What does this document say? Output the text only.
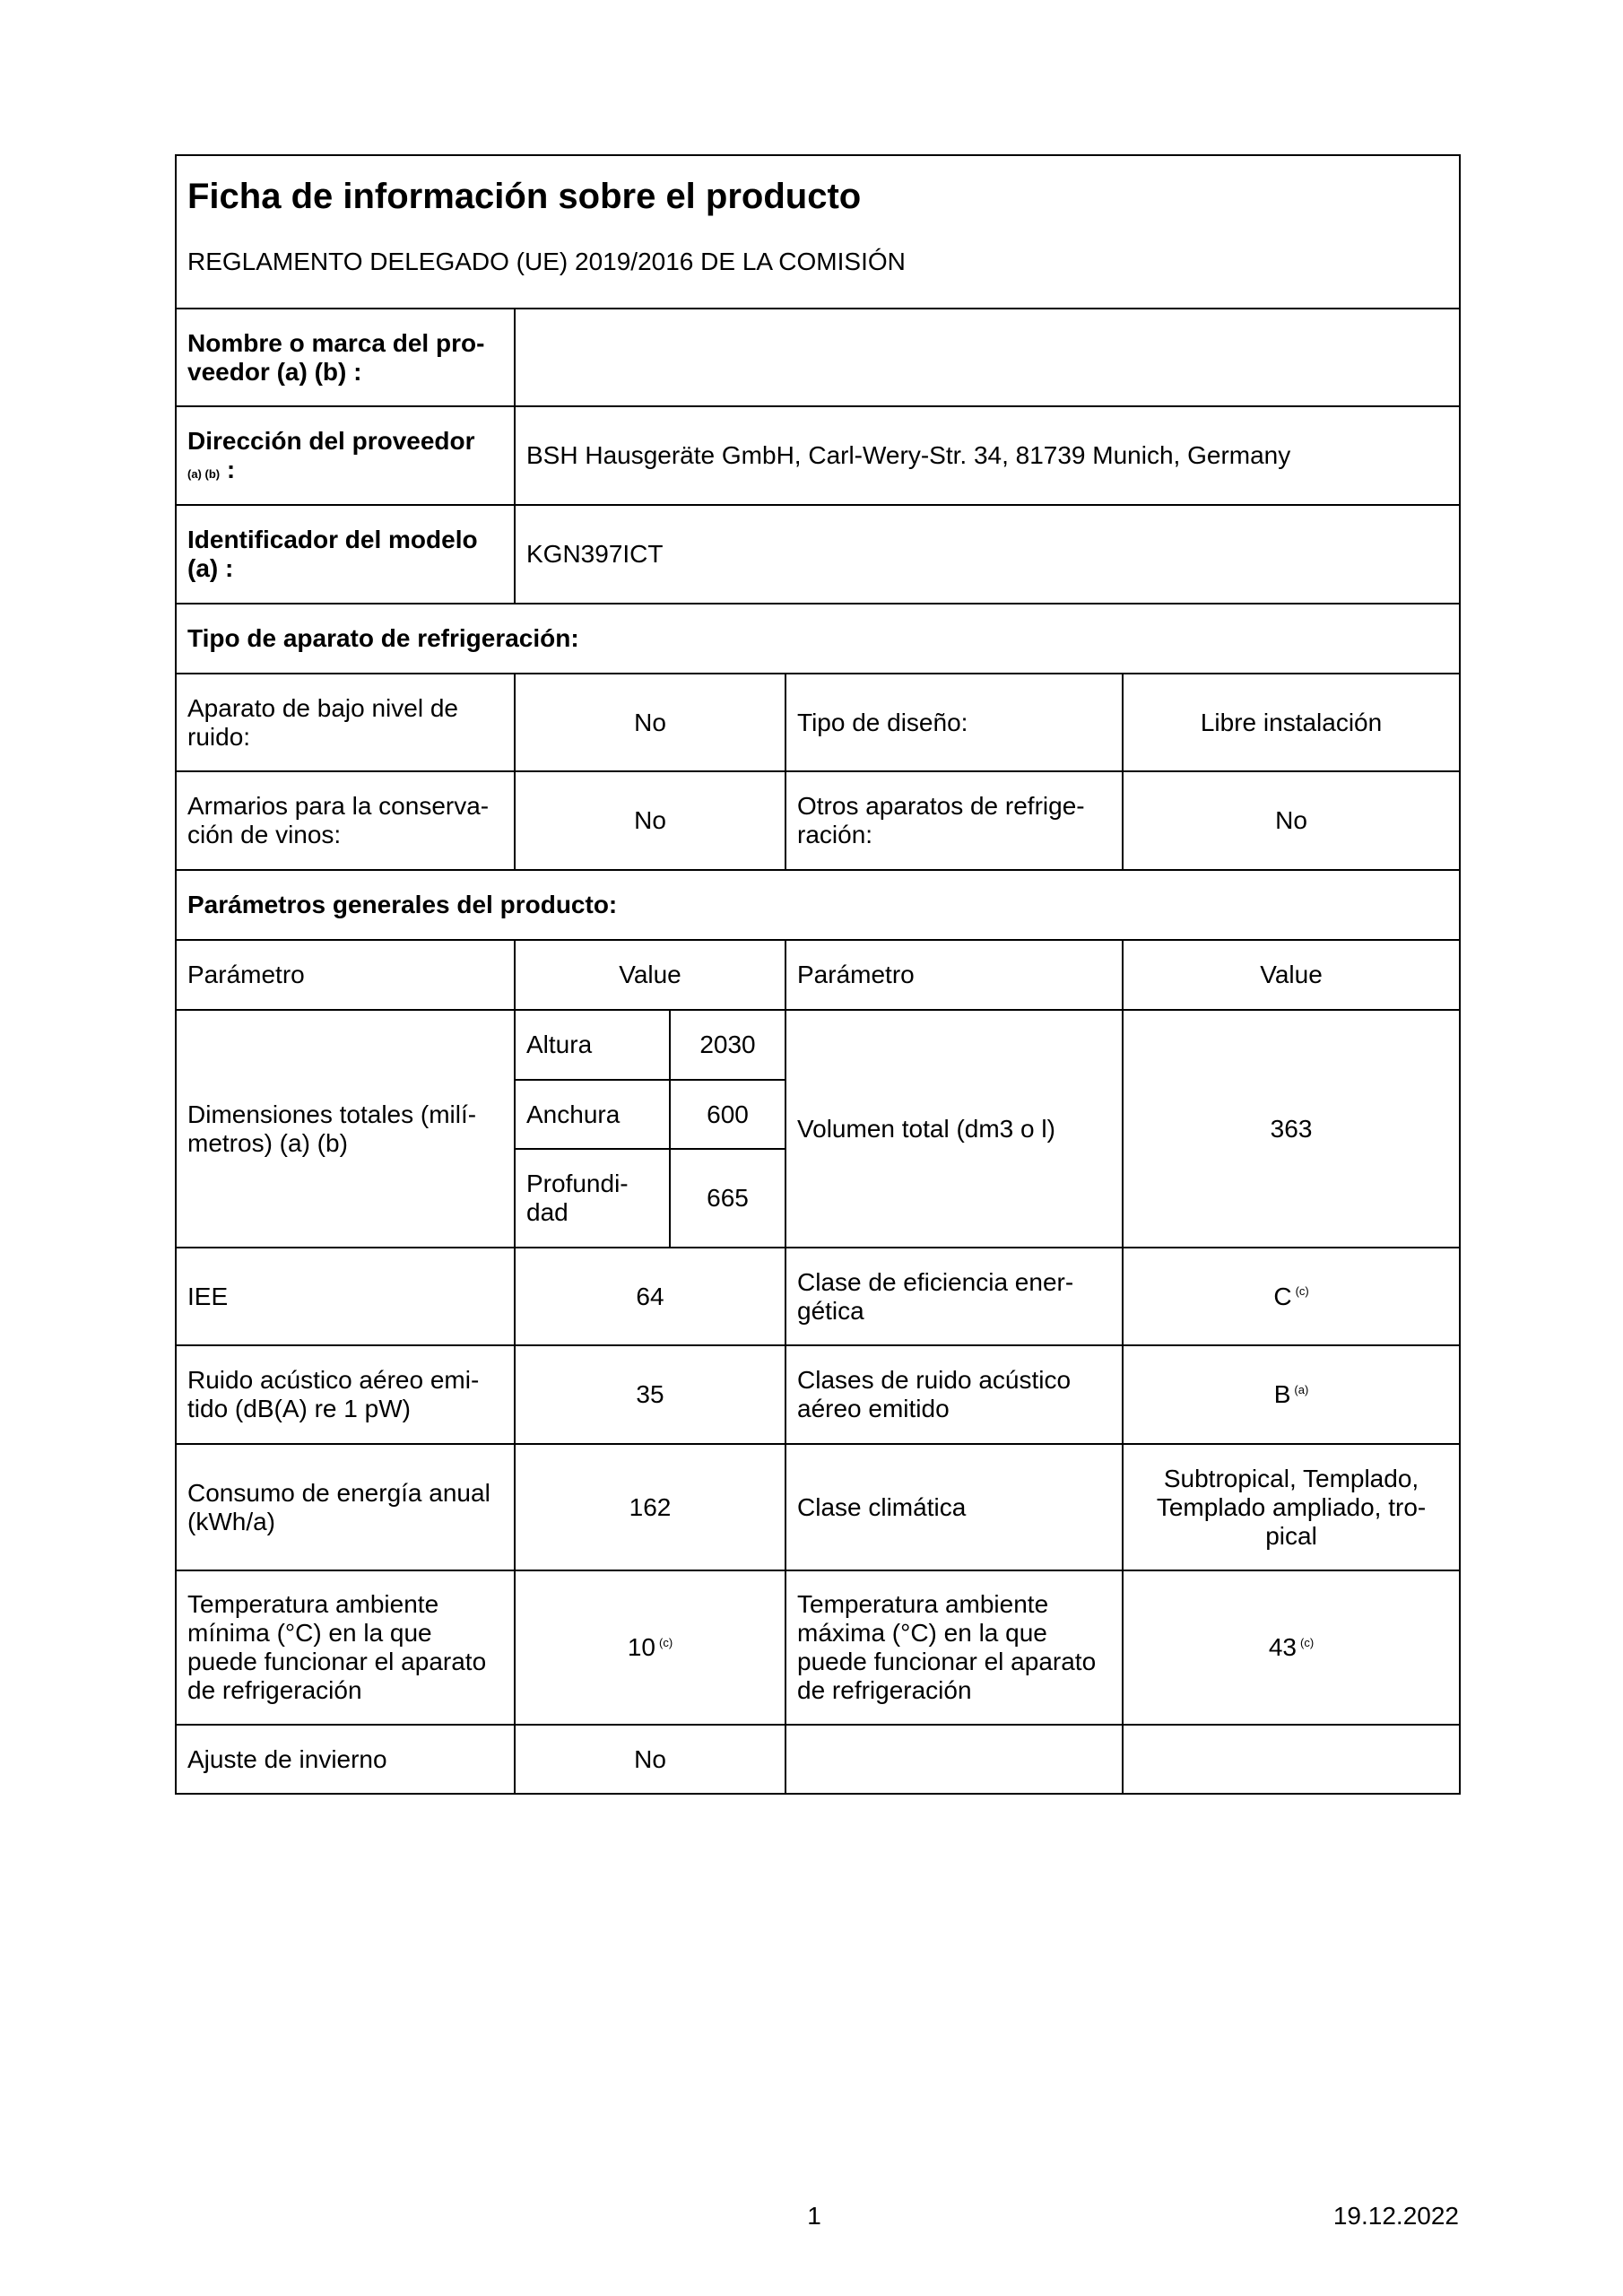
Ficha de información sobre el producto
REGLAMENTO DELEGADO (UE) 2019/2016 DE LA COMISIÓN				

Nombre o marca del pro-veedor (a) (b) :				
Dirección del proveedor
(a) (b) :	BSH Hausgeräte GmbH, Carl-Wery-Str. 34, 81739 Munich, Germany			
Identificador del modelo (a) :	KGN397ICT			
Tipo de aparato de refrigeración:				
Aparato de bajo nivel de ruido:	No		Tipo de diseño:	Libre instalación
Armarios para la conserva-ción de vinos:	No		Otros aparatos de refrige-ración:	No
Parámetros generales del producto:				
Parámetro	Value		Parámetro	Value
Dimensiones totales (milí-metros) (a) (b)	Altura	2030	Volumen total (dm3 o l)	363
	Anchura	600		
	Profundi-dad	665		
IEE	64		Clase de eficiencia ener-gética	C $^{(c)}$
Ruido acústico aéreo emi-tido (dB(A) re 1 pW)	35		Clases de ruido acústico aéreo emitido	B $^{(a)}$
Consumo de energía anual (kWh/a)	162		Clase climática	Subtropical, Templado, Templado ampliado, tro-pical
Temperatura ambiente mínima (°C) en la que puede funcionar el aparato de refrigeración	10 $^{(c)}$		Temperatura ambiente máxima (°C) en la que puede funcionar el aparato de refrigeración	43 $^{(c)}$
Ajuste de invierno	No			
1	19.12.2022
